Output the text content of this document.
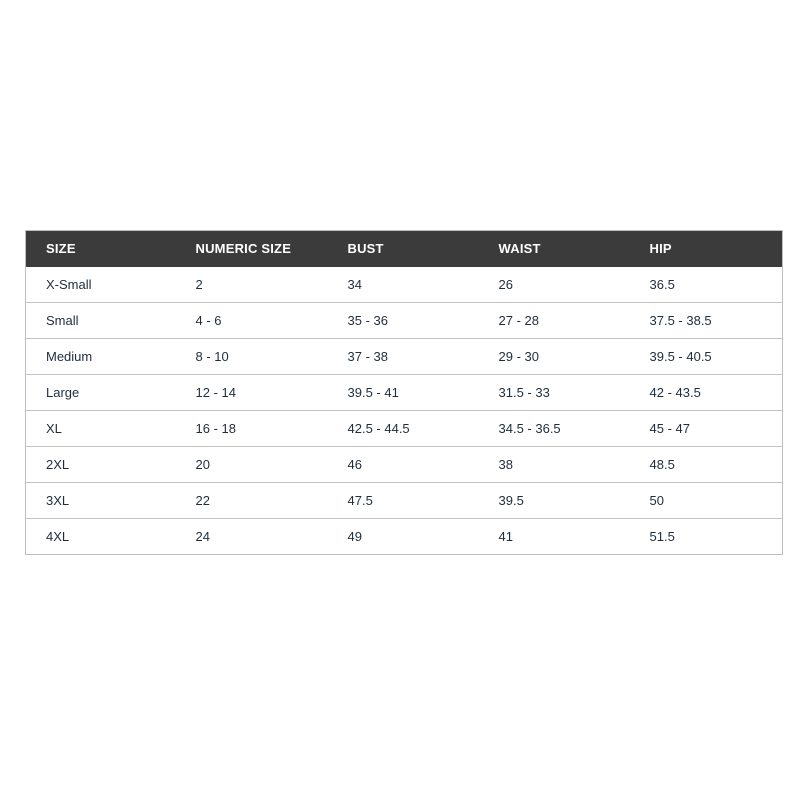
SIZE	NUMERIC SIZE	BUST	WAIST	HIP
X-Small	2	34	26	36.5
Small	4 - 6	35 - 36	27 - 28	37.5 - 38.5
Medium	8 - 10	37 - 38	29 - 30	39.5 - 40.5
Large	12 - 14	39.5 - 41	31.5 - 33	42 - 43.5
XL	16 - 18	42.5 - 44.5	34.5 - 36.5	45 - 47
2XL	20	46	38	48.5
3XL	22	47.5	39.5	50
4XL	24	49	41	51.5
